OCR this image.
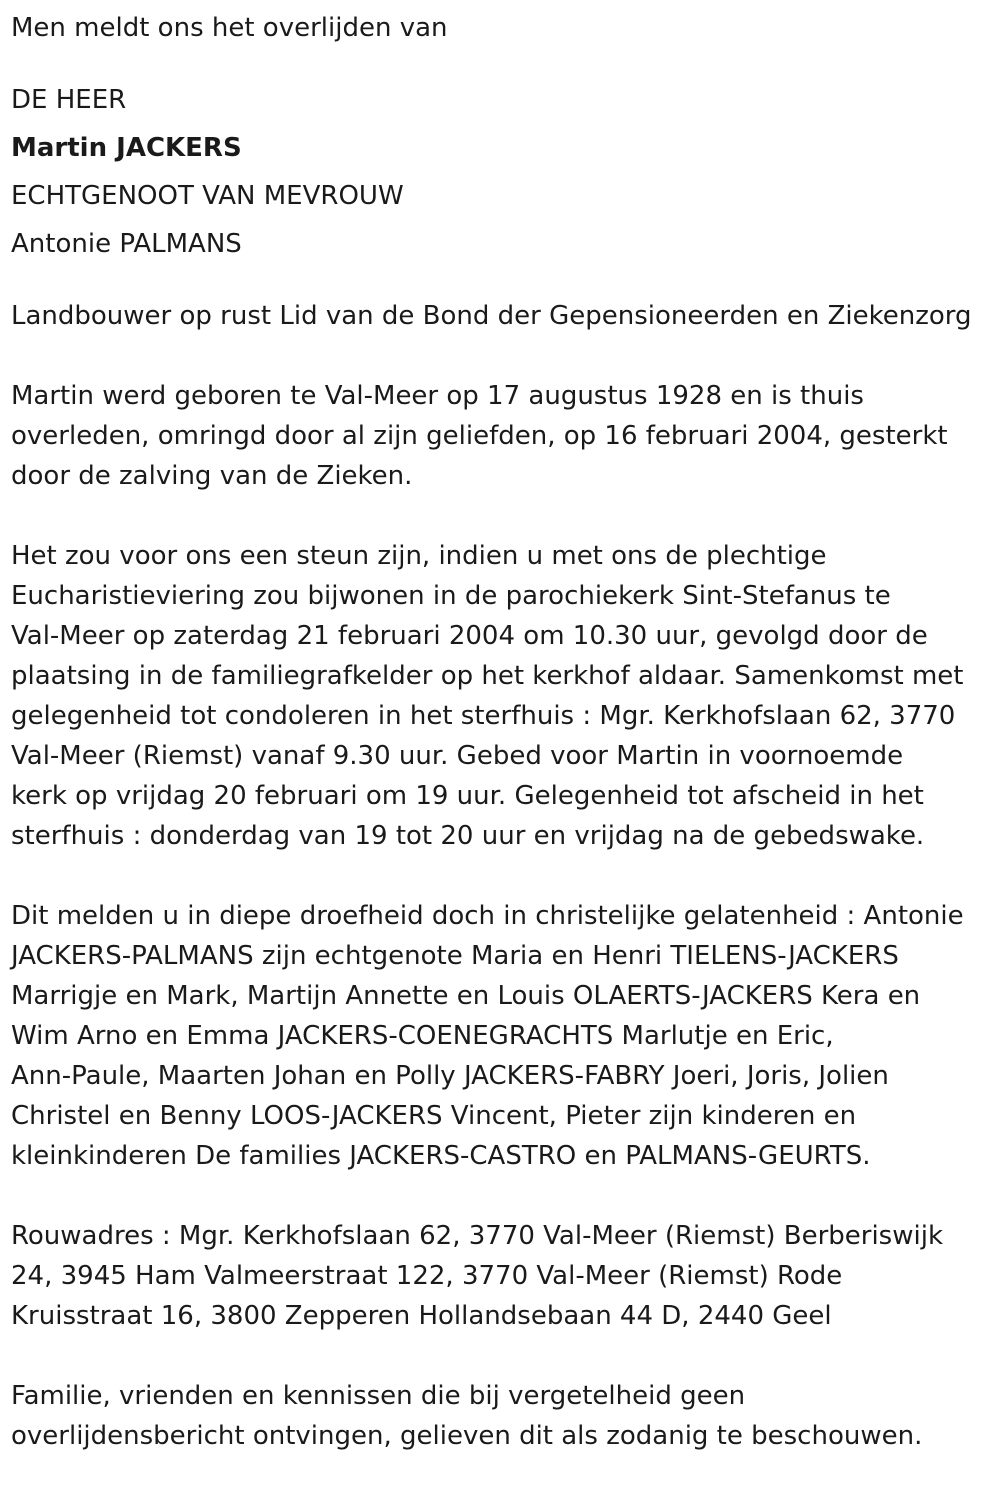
Men meldt ons het overlijden van
DE HEER
Martin JACKERS
ECHTGENOOT VAN MEVROUW
Antonie PALMANS
Landbouwer op rust Lid van de Bond der Gepensioneerden en Ziekenzorg
Martin werd geboren te Val-Meer op 17 augustus 1928 en is thuis
overleden, omringd door al zijn geliefden, op 16 februari 2004, gesterkt
door de zalving van de Zieken.
Het zou voor ons een steun zijn, indien u met ons de plechtige
Eucharistieviering zou bijwonen in de parochiekerk Sint-Stefanus te
Val-Meer op zaterdag 21 februari 2004 om 10.30 uur, gevolgd door de
plaatsing in de familiegrafkelder op het kerkhof aldaar. Samenkomst met
gelegenheid tot condoleren in het sterfhuis : Mgr. Kerkhofslaan 62, 3770
Val-Meer (Riemst) vanaf 9.30 uur. Gebed voor Martin in voornoemde
kerk op vrijdag 20 februari om 19 uur. Gelegenheid tot afscheid in het
sterfhuis : donderdag van 19 tot 20 uur en vrijdag na de gebedswake.
Dit melden u in diepe droefheid doch in christelijke gelatenheid : Antonie
JACKERS-PALMANS zijn echtgenote Maria en Henri TIELENS-JACKERS
Marrigje en Mark, Martijn Annette en Louis OLAERTS-JACKERS Kera en
Wim Arno en Emma JACKERS-COENEGRACHTS Marlutje en Eric,
Ann-Paule, Maarten Johan en Polly JACKERS-FABRY Joeri, Joris, Jolien
Christel en Benny LOOS-JACKERS Vincent, Pieter zijn kinderen en
kleinkinderen De families JACKERS-CASTRO en PALMANS-GEURTS.
Rouwadres : Mgr. Kerkhofslaan 62, 3770 Val-Meer (Riemst) Berberiswijk
24, 3945 Ham Valmeerstraat 122, 3770 Val-Meer (Riemst) Rode
Kruisstraat 16, 3800 Zepperen Hollandsebaan 44 D, 2440 Geel
Familie, vrienden en kennissen die bij vergetelheid geen
overlijdensbericht ontvingen, gelieven dit als zodanig te beschouwen.
